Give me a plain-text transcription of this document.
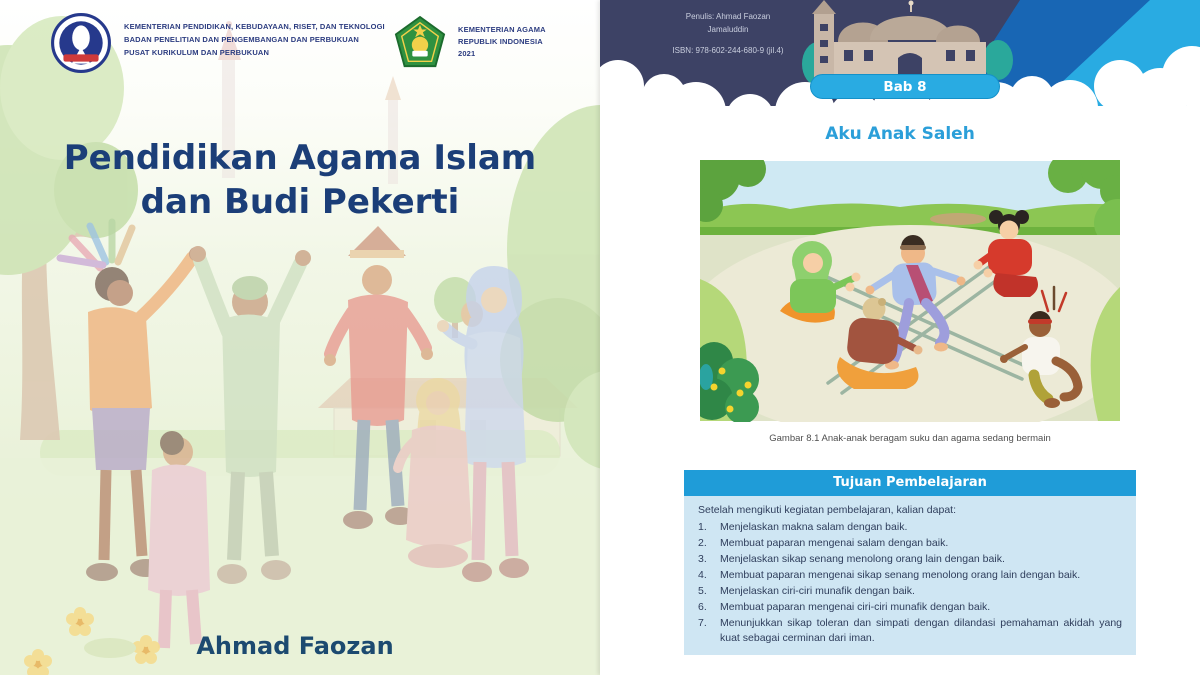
KEMENTERIAN PENDIDIKAN, KEBUDAYAAN, RISET, DAN TEKNOLOGI
BADAN PENELITIAN DAN PENGEMBANGAN DAN PERBUKUAN
PUSAT KURIKULUM DAN PERBUKUAN
KEMENTERIAN AGAMA
REPUBLIK INDONESIA
2021
Pendidikan Agama Islam
dan Budi Pekerti
Ahmad Faozan
Penulis: Ahmad Faozan
Jamaluddin
ISBN: 978-602-244-680-9 (jil.4)
Bab 8
Aku Anak Saleh
Gambar 8.1 Anak-anak beragam suku dan agama sedang bermain
Tujuan Pembelajaran
Setelah mengikuti kegiatan pembelajaran, kalian dapat:
Menjelaskan makna salam dengan baik.
Membuat paparan mengenai salam dengan baik.
Menjelaskan sikap senang menolong orang lain dengan baik.
Membuat paparan mengenai sikap senang menolong orang lain dengan baik.
Menjelaskan ciri-ciri munafik dengan baik.
Membuat paparan mengenai ciri-ciri munafik dengan baik.
Menunjukkan sikap toleran dan simpati dengan dilandasi pemahaman akidah yang kuat sebagai cerminan dari iman.
